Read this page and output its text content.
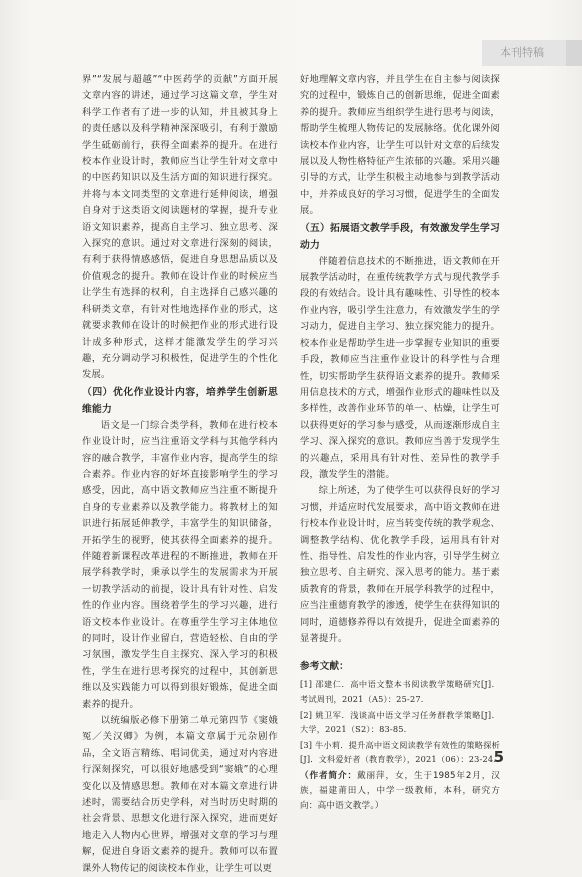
本刊特稿

界”“发展与超越”“中医药学的贡献”方面开展文章内容的讲述，通过学习这篇文章，学生对科学工作者有了进一步的认知，并且被其身上的责任感以及科学精神深深吸引，有利于激励学生砥砺前行，获得全面素养的提升。在进行校本作业设计时，教师应当让学生针对文章中的中医药知识以及生活方面的知识进行探究。并将与本文同类型的文章进行延伸阅读，增强自身对于这类语文阅读题材的掌握，提升专业语文知识素养，提高自主学习、独立思考、深入探究的意识。通过对文章进行深刻的阅读，有利于获得情感感悟，促进自身思想品质以及价值观念的提升。教师在设计作业的时候应当让学生有选择的权利，自主选择自己感兴趣的科研类文章，有针对性地选择作业的形式，这就要求教师在设计的时候把作业的形式进行设计成多种形式，这样才能激发学生的学习兴趣，充分调动学习积极性，促进学生的个性化发展。

（四）优化作业设计内容，培养学生创新思维能力

语文是一门综合类学科，教师在进行校本作业设计时，应当注重语文学科与其他学科内容的融合教学，丰富作业内容，提高学生的综合素养。作业内容的好坏直接影响学生的学习感受，因此，高中语文教师应当注重不断提升自身的专业素养以及教学能力。将教材上的知识进行拓展延伸教学，丰富学生的知识储备，开拓学生的视野，使其获得全面素养的提升。伴随着新课程改革进程的不断推进，教师在开展学科教学时，秉承以学生的发展需求为开展一切教学活动的前提，设计具有针对性、启发性的作业内容。围绕着学生的学习兴趣，进行语文校本作业设计。在尊重学生学习主体地位的同时，设计作业留白，营造轻松、自由的学习氛围，激发学生自主探究、深入学习的积极性，学生在进行思考探究的过程中，其创新思维以及实践能力可以得到很好锻炼，促进全面素养的提升。

以统编版必修下册第二单元第四节《窦娥冤／关汉卿》为例，本篇文章属于元杂剧作品，全文语言精练、唱词优美，通过对内容进行深刻探究，可以很好地感受到“窦娥”的心理变化以及情感思想。教师在对本篇文章进行讲述时，需要结合历史学科，对当时历史时期的社会背景、思想文化进行深入探究，进而更好地走入人物内心世界，增强对文章的学习与理解，促进自身语文素养的提升。教师可以布置课外人物传记的阅读校本作业，让学生可以更

好地理解文章内容，并且学生在自主参与阅读探究的过程中，锻炼自己的创新思维，促进全面素养的提升。教师应当组织学生进行思考与阅读，帮助学生梳理人物传记的发展脉络。优化课外阅读校本作业内容，让学生可以针对文章的后续发展以及人物性格特征产生浓郁的兴趣。采用兴趣引导的方式，让学生积极主动地参与到教学活动中，并养成良好的学习习惯，促进学生的全面发展。

（五）拓展语文教学手段，有效激发学生学习动力

伴随着信息技术的不断推进，语文教师在开展教学活动时，在重传统教学方式与现代教学手段的有效结合。设计具有趣味性、引导性的校本作业内容，吸引学生注意力，有效激发学生的学习动力，促进自主学习、独立探究能力的提升。校本作业是帮助学生进一步掌握专业知识的重要手段，教师应当注重作业设计的科学性与合理性，切实帮助学生获得语文素养的提升。教师采用信息技术的方式，增强作业形式的趣味性以及多样性，改善作业环节的单一、枯燥，让学生可以获得更好的学习参与感受，从而逐渐形成自主学习、深入探究的意识。教师应当善于发现学生的兴趣点，采用具有针对性、差异性的教学手段，激发学生的潜能。

综上所述，为了使学生可以获得良好的学习习惯，并适应时代发展要求，高中语文教师在进行校本作业设计时，应当转变传统的教学观念、调整教学结构、优化教学手段，运用具有针对性、指导性、启发性的作业内容，引导学生树立独立思考、自主研究、深入思考的能力。基于素质教育的背景，教师在开展学科教学的过程中，应当注重德育教学的渗透，使学生在获得知识的同时，道德修养得以有效提升，促进全面素养的显著提升。

参考文献：
[1] 邵建仁．高中语文整本书阅读教学策略研究[J]．考试周刊，2021（A5）：25-27.
[2] 姚卫军．浅谈高中语文学习任务群教学策略[J]．大学，2021（S2）：83-85.
[3] 牛小莉．提升高中语文阅读教学有效性的策略探析[J]．文科爱好者（教育教学），2021（06）：23-24.
（作者简介：戴丽萍，女，生于1985年2月，汉族，福建莆田人，中学一级教师，本科，研究方向：高中语文教学。）
5
